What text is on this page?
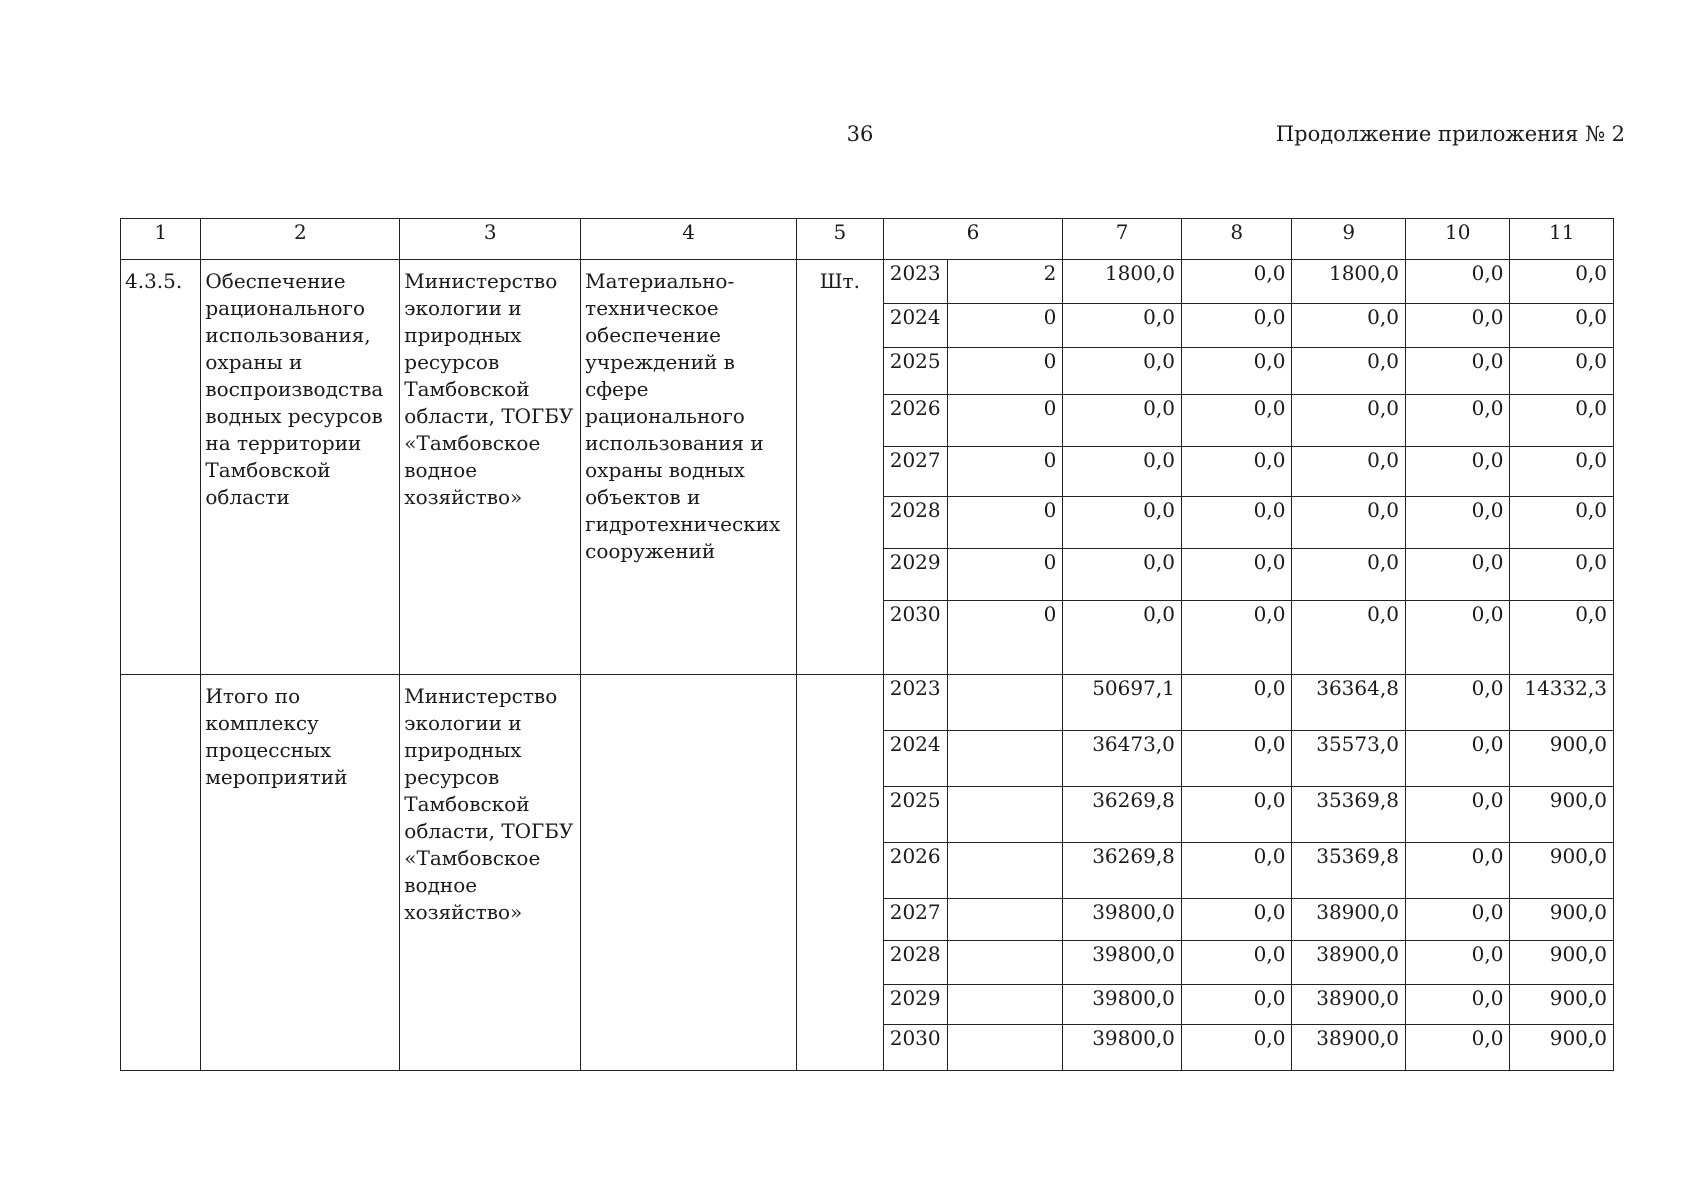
36	Продолжение приложения № 2
1	2	3	4	5	6		7	8	9	10	11
4.3.5.	Обеспечение рационального использования, охраны и воспроизводства водных ресурсов на территории Тамбовской области	Министерство экологии и природных ресурсов Тамбовской области, ТОГБУ «Тамбовское водное хозяйство»	Материально-техническое обеспечение учреждений в сфере рационального использования и охраны водных объектов и гидротехнических сооружений	Шт.	2023	2	1800,0	0,0	1800,0	0,0	0,0
					2024	0	0,0	0,0	0,0	0,0	0,0
					2025	0	0,0	0,0	0,0	0,0	0,0
					2026	0	0,0	0,0	0,0	0,0	0,0
					2027	0	0,0	0,0	0,0	0,0	0,0
					2028	0	0,0	0,0	0,0	0,0	0,0
					2029	0	0,0	0,0	0,0	0,0	0,0
					2030	0	0,0	0,0	0,0	0,0	0,0
	Итого по комплексу процессных мероприятий	Министерство экологии и природных ресурсов Тамбовской области, ТОГБУ «Тамбовское водное хозяйство»			2023		50697,1	0,0	36364,8	0,0	14332,3
					2024		36473,0	0,0	35573,0	0,0	900,0
					2025		36269,8	0,0	35369,8	0,0	900,0
					2026		36269,8	0,0	35369,8	0,0	900,0
					2027		39800,0	0,0	38900,0	0,0	900,0
					2028		39800,0	0,0	38900,0	0,0	900,0
					2029		39800,0	0,0	38900,0	0,0	900,0
					2030		39800,0	0,0	38900,0	0,0	900,0
